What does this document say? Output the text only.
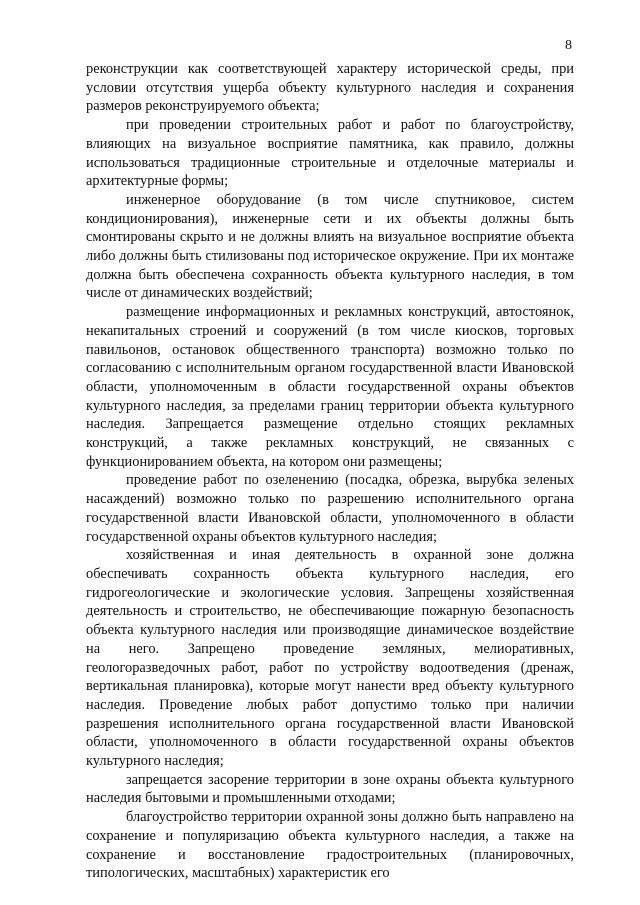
8

реконструкции как соответствующей характеру исторической среды, при условии отсутствия ущерба объекту культурного наследия и сохранения размеров реконструируемого объекта;

при проведении строительных работ и работ по благоустройству, влияющих на визуальное восприятие памятника, как правило, должны использоваться традиционные строительные и отделочные материалы и архитектурные формы;

инженерное оборудование (в том числе спутниковое, систем кондиционирования), инженерные сети и их объекты должны быть смонтированы скрыто и не должны влиять на визуальное восприятие объекта либо должны быть стилизованы под историческое окружение. При их монтаже должна быть обеспечена сохранность объекта культурного наследия, в том числе от динамических воздействий;

размещение информационных и рекламных конструкций, автостоянок, некапитальных строений и сооружений (в том числе киосков, торговых павильонов, остановок общественного транспорта) возможно только по согласованию с исполнительным органом государственной власти Ивановской области, уполномоченным в области государственной охраны объектов культурного наследия, за пределами границ территории объекта культурного наследия. Запрещается размещение отдельно стоящих рекламных конструкций, а также рекламных конструкций, не связанных с функционированием объекта, на котором они размещены;

проведение работ по озеленению (посадка, обрезка, вырубка зеленых насаждений) возможно только по разрешению исполнительного органа государственной власти Ивановской области, уполномоченного в области государственной охраны объектов культурного наследия;

хозяйственная и иная деятельность в охранной зоне должна обеспечивать сохранность объекта культурного наследия, его гидрогеологические и экологические условия. Запрещены хозяйственная деятельность и строительство, не обеспечивающие пожарную безопасность объекта культурного наследия или производящие динамическое воздействие на него. Запрещено проведение земляных, мелиоративных, геологоразведочных работ, работ по устройству водоотведения (дренаж, вертикальная планировка), которые могут нанести вред объекту культурного наследия. Проведение любых работ допустимо только при наличии разрешения исполнительного органа государственной власти Ивановской области, уполномоченного в области государственной охраны объектов культурного наследия;

запрещается засорение территории в зоне охраны объекта культурного наследия бытовыми и промышленными отходами;

благоустройство территории охранной зоны должно быть направлено на сохранение и популяризацию объекта культурного наследия, а также на сохранение и восстановление градостроительных (планировочных, типологических, масштабных) характеристик его
